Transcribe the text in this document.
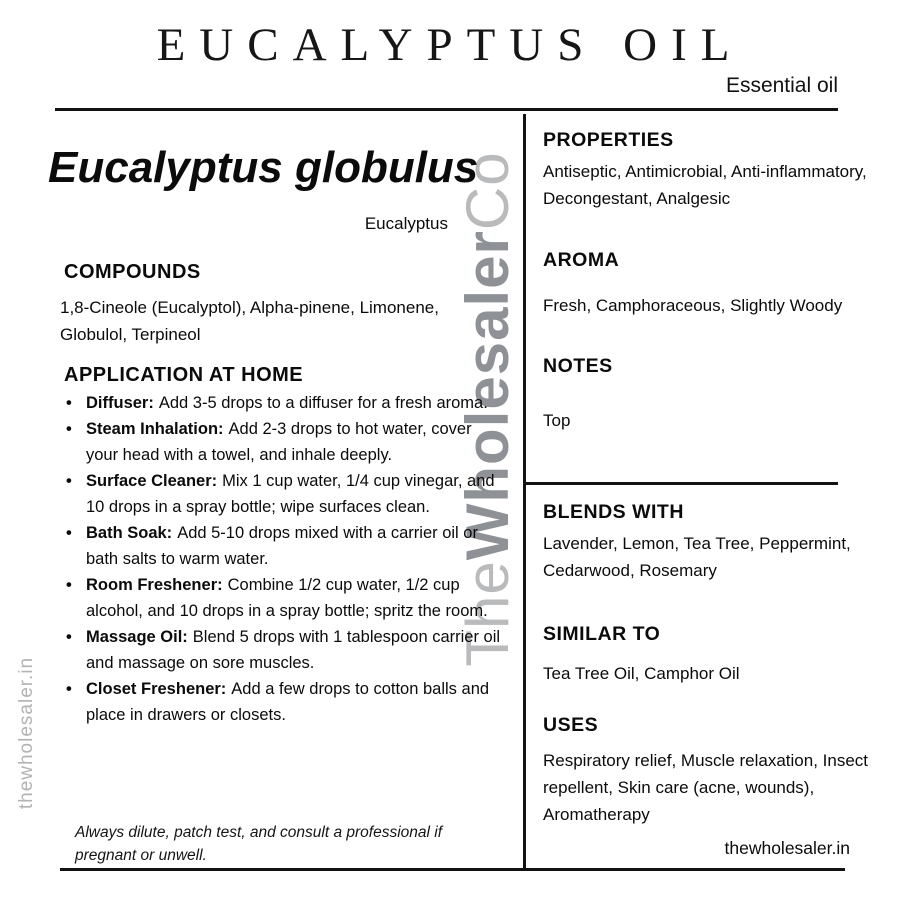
The
Wholesaler
Co
thewholesaler.in
EUCALYPTUS OIL
Essential oil
Eucalyptus globulus
Eucalyptus
COMPOUNDS
1,8-Cineole (Eucalyptol), Alpha-pinene, Limonene, Globulol, Terpineol
APPLICATION AT HOME
• Diffuser: Add 3-5 drops to a diffuser for a fresh aroma.
• Steam Inhalation: Add 2-3 drops to hot water, cover your head with a towel, and inhale deeply.
• Surface Cleaner: Mix 1 cup water, 1/4 cup vinegar, and 10 drops in a spray bottle; wipe surfaces clean.
• Bath Soak: Add 5-10 drops mixed with a carrier oil or bath salts to warm water.
• Room Freshener: Combine 1/2 cup water, 1/2 cup alcohol, and 10 drops in a spray bottle; spritz the room.
• Massage Oil: Blend 5 drops with 1 tablespoon carrier oil and massage on sore muscles.
• Closet Freshener: Add a few drops to cotton balls and place in drawers or closets.
Always dilute, patch test, and consult a professional if pregnant or unwell.
PROPERTIES
Antiseptic, Antimicrobial, Anti-inflammatory, Decongestant, Analgesic
AROMA
Fresh, Camphoraceous, Slightly Woody
NOTES
Top
BLENDS WITH
Lavender, Lemon, Tea Tree, Peppermint, Cedarwood, Rosemary
SIMILAR TO
Tea Tree Oil, Camphor Oil
USES
Respiratory relief, Muscle relaxation, Insect repellent, Skin care (acne, wounds), Aromatherapy
thewholesaler.in
